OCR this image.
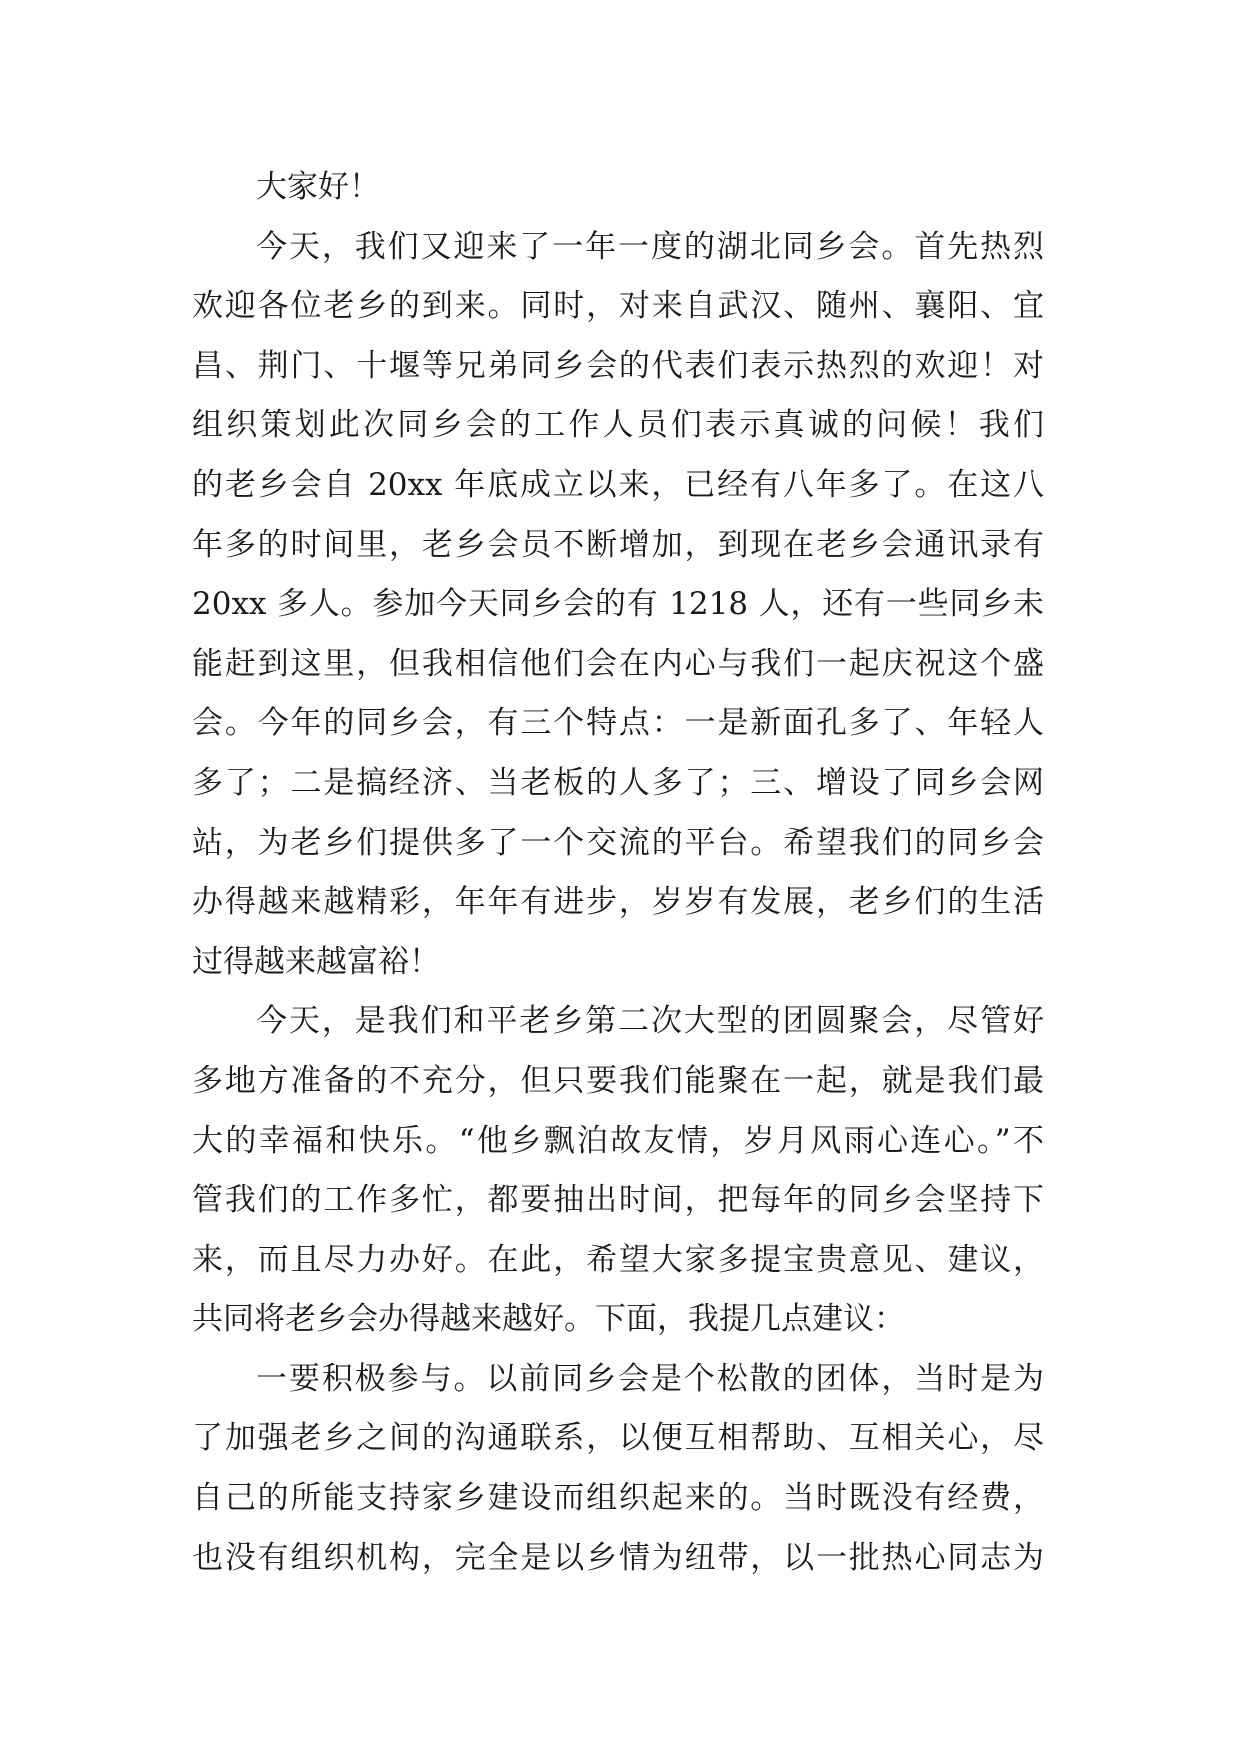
大家好！
今天，我们又迎来了一年一度的湖北同乡会。首先热烈
欢迎各位老乡的到来。同时，对来自武汉、随州、襄阳、宜
昌、荆门、十堰等兄弟同乡会的代表们表示热烈的欢迎！对
组织策划此次同乡会的工作人员们表示真诚的问候！我们
的老乡会自 20xx 年底成立以来，已经有八年多了。在这八
年多的时间里，老乡会员不断增加，到现在老乡会通讯录有
20xx 多人。参加今天同乡会的有 1218 人，还有一些同乡未
能赶到这里，但我相信他们会在内心与我们一起庆祝这个盛
会。今年的同乡会，有三个特点：一是新面孔多了、年轻人
多了；二是搞经济、当老板的人多了；三、增设了同乡会网
站，为老乡们提供多了一个交流的平台。希望我们的同乡会
办得越来越精彩，年年有进步，岁岁有发展，老乡们的生活
过得越来越富裕！
今天，是我们和平老乡第二次大型的团圆聚会，尽管好
多地方准备的不充分，但只要我们能聚在一起，就是我们最
大的幸福和快乐。“他乡飘泊故友情，岁月风雨心连心。”不
管我们的工作多忙，都要抽出时间，把每年的同乡会坚持下
来，而且尽力办好。在此，希望大家多提宝贵意见、建议，
共同将老乡会办得越来越好。下面，我提几点建议：
一要积极参与。以前同乡会是个松散的团体，当时是为
了加强老乡之间的沟通联系，以便互相帮助、互相关心，尽
自己的所能支持家乡建设而组织起来的。当时既没有经费，
也没有组织机构，完全是以乡情为纽带，以一批热心同志为
